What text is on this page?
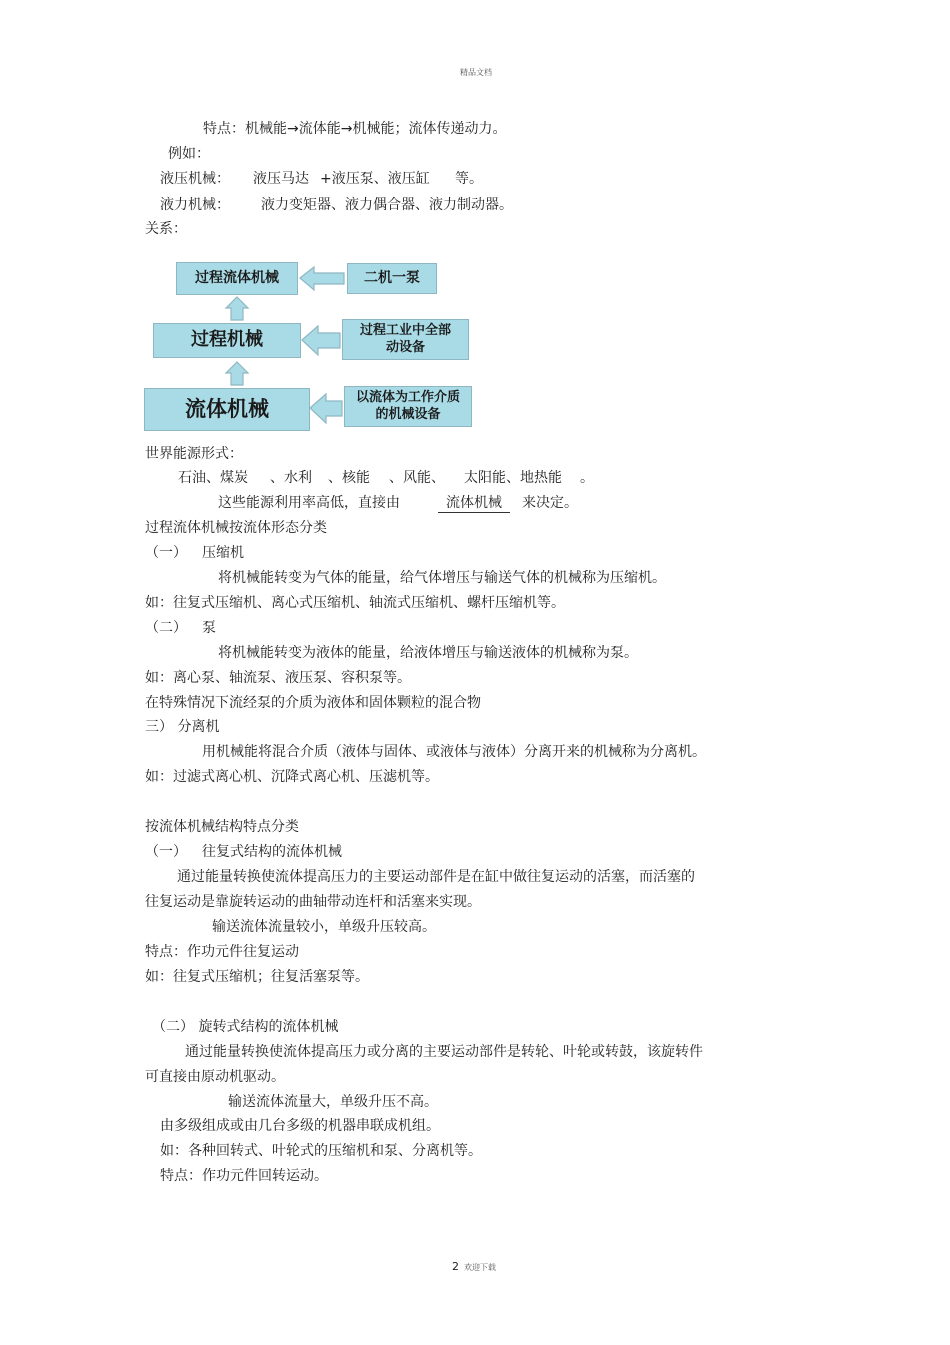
精品文档
特点：机械能→流体能→机械能；流体传递动力。
例如：
液压机械： 液压马达 +液压泵、液压缸 等。
液力机械： 液力变矩器、液力偶合器、液力制动器。
关系：
过程流体机械
过程机械
流体机械
二机一泵
过程工业中全部
动设备
以流体为工作介质
的机械设备
世界能源形式：
石油、煤炭 、水利 、核能 、风能、 太阳能、地热能 。
这些能源利用率高低，直接由	流体机械	来决定。
过程流体机械按流体形态分类
（一） 压缩机
将机械能转变为气体的能量，给气体增压与输送气体的机械称为压缩机。
如：往复式压缩机、离心式压缩机、轴流式压缩机、螺杆压缩机等。
（二） 泵
将机械能转变为液体的能量，给液体增压与输送液体的机械称为泵。
如：离心泵、轴流泵、液压泵、容积泵等。
在特殊情况下流经泵的介质为液体和固体颗粒的混合物
三） 分离机
用机械能将混合介质（液体与固体、或液体与液体）分离开来的机械称为分离机。
如：过滤式离心机、沉降式离心机、压滤机等。
按流体机械结构特点分类
（一） 往复式结构的流体机械
通过能量转换使流体提高压力的主要运动部件是在缸中做往复运动的活塞，而活塞的
往复运动是靠旋转运动的曲轴带动连杆和活塞来实现。
输送流体流量较小，单级升压较高。
特点：作功元件往复运动
如：往复式压缩机；往复活塞泵等。
（二） 旋转式结构的流体机械
通过能量转换使流体提高压力或分离的主要运动部件是转轮、叶轮或转鼓，该旋转件
可直接由原动机驱动。
输送流体流量大，单级升压不高。
由多级组成或由几台多级的机器串联成机组。
如：各种回转式、叶轮式的压缩机和泵、分离机等。
特点：作功元件回转运动。
2 欢迎下载
